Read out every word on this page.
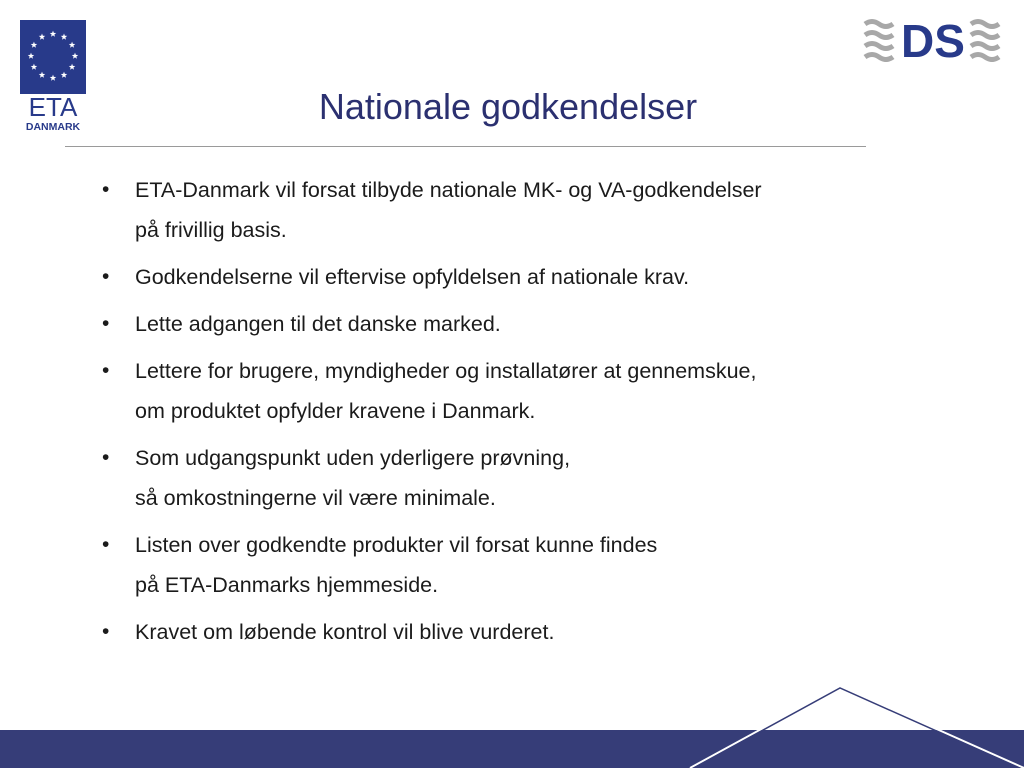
ETA
DANMARK
DS
Nationale godkendelser
• ETA-Danmark vil forsat tilbyde nationale MK- og VA-godkendelser
på frivillig basis.
• Godkendelserne vil eftervise opfyldelsen af nationale krav.
• Lette adgangen til det danske marked.
• Lettere for brugere, myndigheder og installatører at gennemskue,
om produktet opfylder kravene i Danmark.
• Som udgangspunkt uden yderligere prøvning,
så omkostningerne vil være minimale.
• Listen over godkendte produkter vil forsat kunne findes
på ETA-Danmarks hjemmeside.
• Kravet om løbende kontrol vil blive vurderet.
